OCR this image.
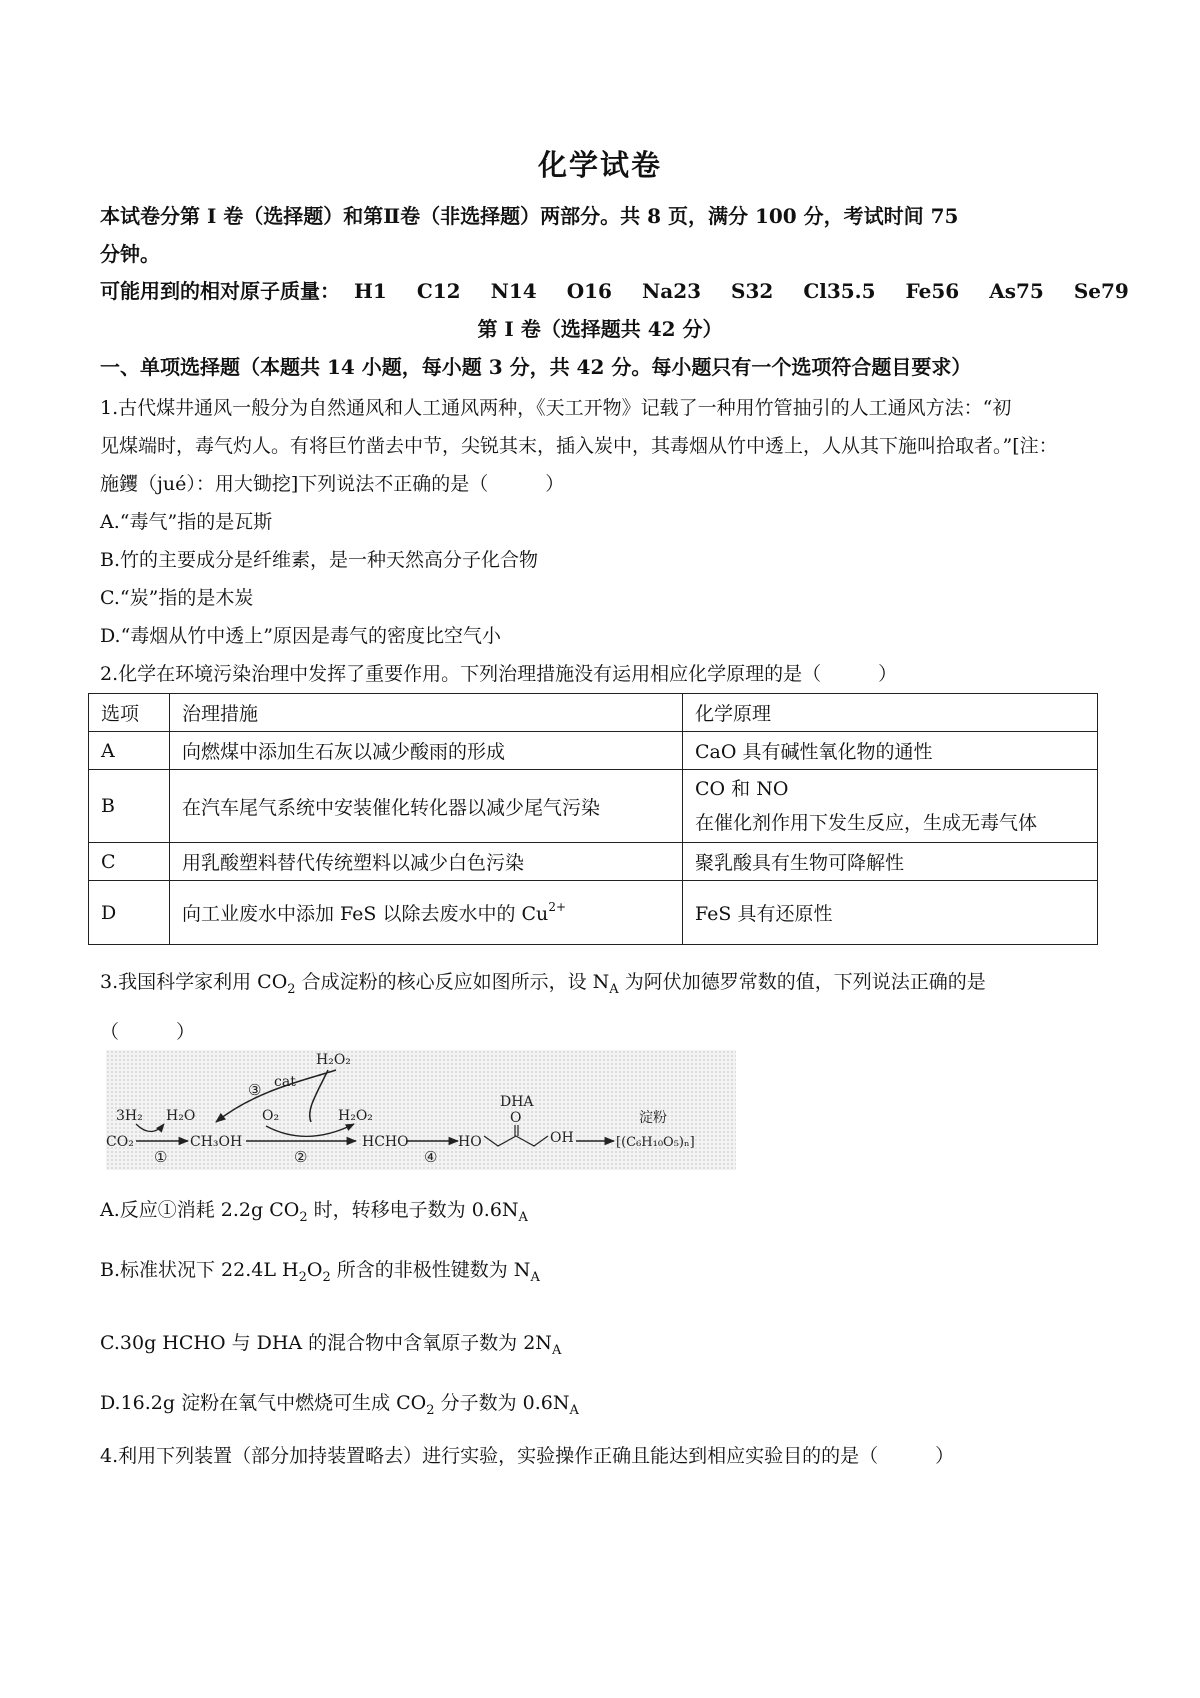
化学试卷
本试卷分第 I 卷（选择题）和第Ⅱ卷（非选择题）两部分。共 8 页，满分 100 分，考试时间 75
分钟。
可能用到的相对原子质量： H1 C12 N14 O16 Na23 S32 Cl35.5 Fe56 As75 Se79
第 I 卷（选择题共 42 分）
一、单项选择题（本题共 14 小题，每小题 3 分，共 42 分。每小题只有一个选项符合题目要求）
1.古代煤井通风一般分为自然通风和人工通风两种，《天工开物》记载了一种用竹管抽引的人工通风方法：“初
见煤端时，毒气灼人。有将巨竹凿去中节，尖锐其末，插入炭中，其毒烟从竹中透上，人从其下施叫拾取者。”[注：
施钁（jué）：用大锄挖]下列说法不正确的是（　　　）
A.“毒气”指的是瓦斯
B.竹的主要成分是纤维素，是一种天然高分子化合物
C.“炭”指的是木炭
D.“毒烟从竹中透上”原因是毒气的密度比空气小
2.化学在环境污染治理中发挥了重要作用。下列治理措施没有运用相应化学原理的是（　　　）
选项	治理措施	化学原理
A	向燃煤中添加生石灰以减少酸雨的形成	CaO 具有碱性氧化物的通性
B	在汽车尾气系统中安装催化转化器以减少尾气污染	CO 和 NO
在催化剂作用下发生反应，生成无毒气体

C	用乳酸塑料替代传统塑料以减少白色污染	聚乳酸具有生物可降解性
D	向工业废水中添加 FeS 以除去废水中的 $Cu^{2+}$	FeS 具有还原性
3.我国科学家利用 $CO_2$ 合成淀粉的核心反应如图所示，设 $N_A$ 为阿伏加德罗常数的值，下列说法正确的是
（　　　）
H₂O₂
cat
③
3H₂ H₂O	O₂	H₂O₂
CO₂
①
CH₃OH
②
HCHO
④
DHA
O
HO	OH
淀粉
[(C₆H₁₀O₅)ₙ]
A.反应①消耗 2.2g $CO_2$ 时，转移电子数为 $0.6N_A$
B.标准状况下 22.4L $H_2O_2$ 所含的非极性键数为 $N_A$
C.30g HCHO 与 DHA 的混合物中含氧原子数为 $2N_A$
D.16.2g 淀粉在氧气中燃烧可生成 $CO_2$ 分子数为 $0.6N_A$
4.利用下列装置（部分加持装置略去）进行实验，实验操作正确且能达到相应实验目的的是（　　　）
